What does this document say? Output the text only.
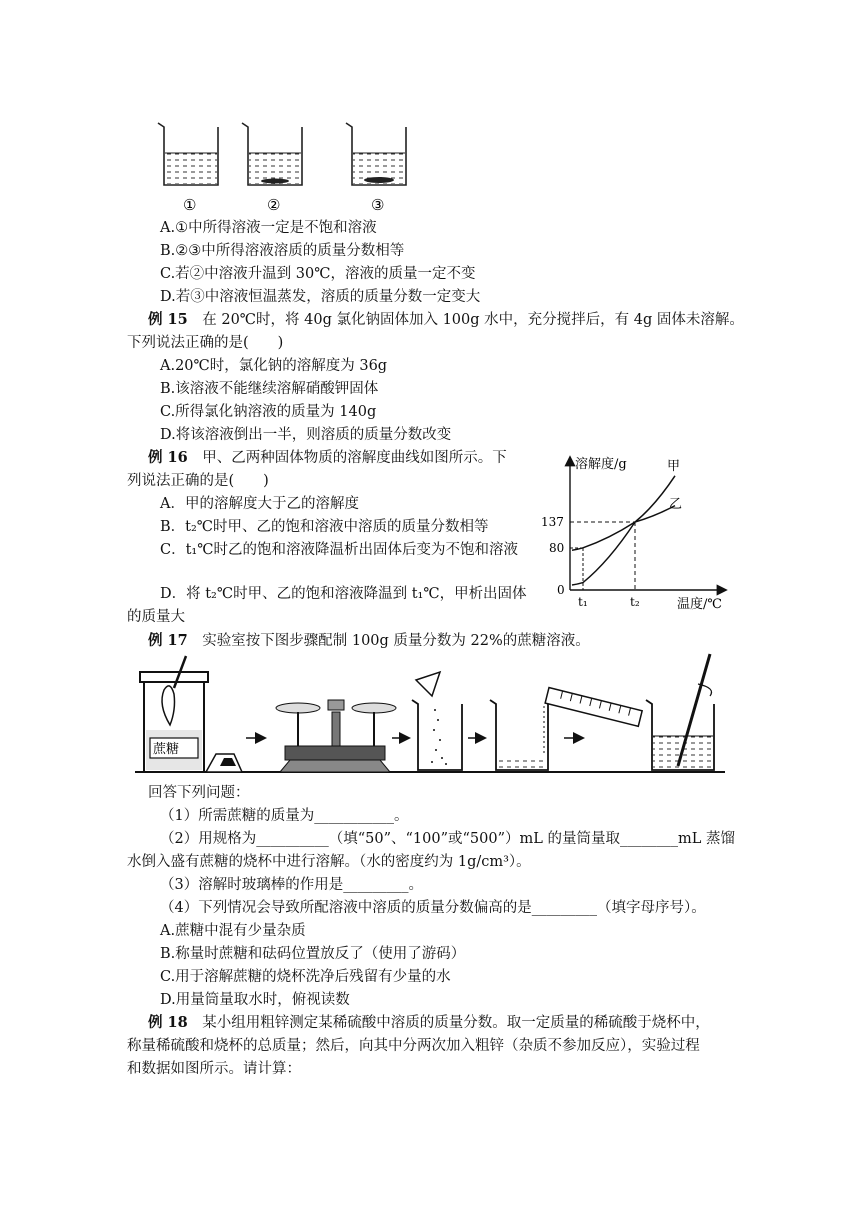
①	②	③
A.①中所得溶液一定是不饱和溶液
B.②③中所得溶液溶质的质量分数相等
C.若②中溶液升温到 30℃，溶液的质量一定不变
D.若③中溶液恒温蒸发，溶质的质量分数一定变大
例 15　 在 20℃时，将 40g 氯化钠固体加入 100g 水中，充分搅拌后，有 4g 固体未溶解。
下列说法正确的是(　　)
A.20℃时，氯化钠的溶解度为 36g
B.该溶液不能继续溶解硝酸钾固体
C.所得氯化钠溶液的质量为 140g
D.将该溶液倒出一半，则溶质的质量分数改变
例 16　 甲、乙两种固体物质的溶解度曲线如图所示。下
列说法正确的是(　　)
A．甲的溶解度大于乙的溶解度
B．t₂℃时甲、乙的饱和溶液中溶质的质量分数相等
C．t₁℃时乙的饱和溶液降温析出固体后变为不饱和溶液
D．将 t₂℃时甲、乙的饱和溶液降温到 t₁℃，甲析出固体
的质量大
溶解度/g
温度/℃
甲
乙
0
80
137
t₁	t₂
例 17　 实验室按下图步骤配制 100g 质量分数为 22%的蔗糖溶液。
蔗糖
回答下列问题：
（1）所需蔗糖的质量为___________。
（2）用规格为__________（填“50”、“100”或“500”）mL 的量筒量取________mL 蒸馏
水倒入盛有蔗糖的烧杯中进行溶解。（水的密度约为 1g/cm³）。
（3）溶解时玻璃棒的作用是_________。
（4）下列情况会导致所配溶液中溶质的质量分数偏高的是_________（填字母序号）。
A.蔗糖中混有少量杂质
B.称量时蔗糖和砝码位置放反了（使用了游码）
C.用于溶解蔗糖的烧杯洗净后残留有少量的水
D.用量筒量取水时，俯视读数
例 18　 某小组用粗锌测定某稀硫酸中溶质的质量分数。取一定质量的稀硫酸于烧杯中，
称量稀硫酸和烧杯的总质量；然后，向其中分两次加入粗锌（杂质不参加反应），实验过程
和数据如图所示。请计算：
